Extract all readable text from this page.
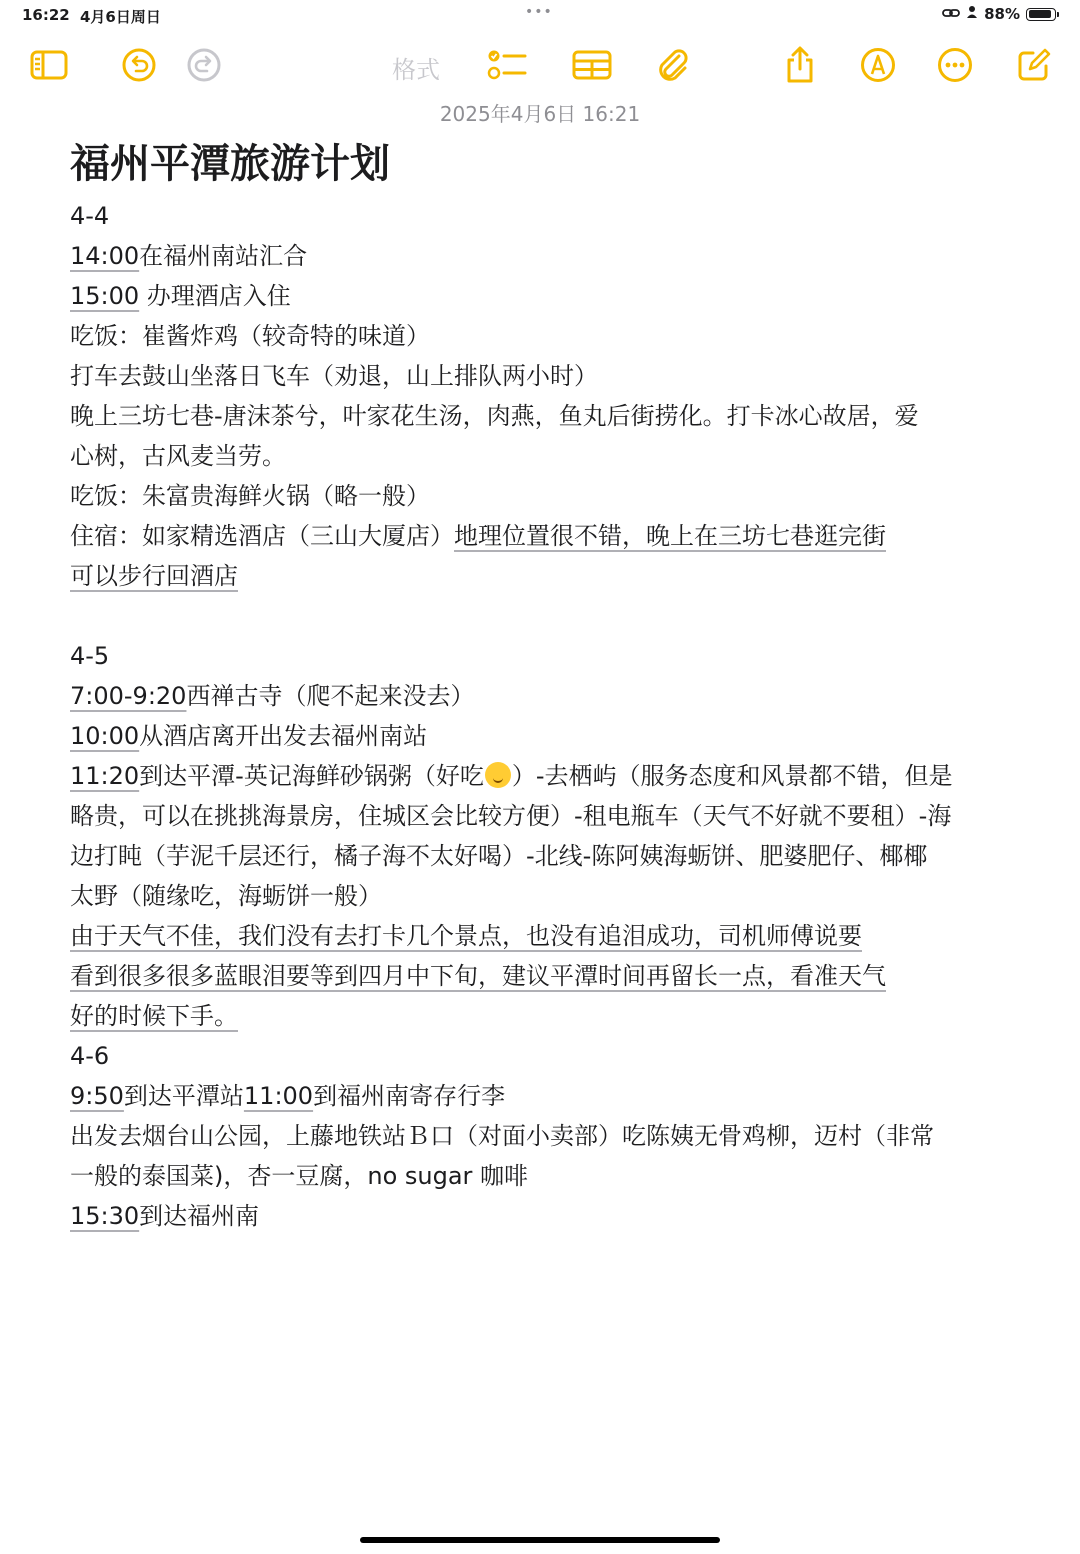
16:22 4月6日周日	•••	88%
格式
2025年4月6日 16:21
福州平潭旅游计划
4-4
14:00在福州南站汇合
15:00 办理酒店入住
吃饭：崔酱炸鸡（较奇特的味道）
打车去鼓山坐落日飞车（劝退，山上排队两小时）
晚上三坊七巷-唐沫茶兮，叶家花生汤，肉燕，鱼丸后街捞化。打卡冰心故居，爱
心树，古风麦当劳。
吃饭：朱富贵海鲜火锅（略一般）
住宿：如家精选酒店（三山大厦店）地理位置很不错，晚上在三坊七巷逛完街
可以步行回酒店
4-5
7:00-9:20西禅古寺（爬不起来没去）
10:00从酒店离开出发去福州南站
11:20到达平潭-英记海鲜砂锅粥（好吃 ）-去栖屿（服务态度和风景都不错，但是
略贵，可以在挑挑海景房，住城区会比较方便）-租电瓶车（天气不好就不要租）-海
边打盹（芋泥千层还行，橘子海不太好喝）-北线-陈阿姨海蛎饼、肥婆肥仔、椰椰
太野（随缘吃，海蛎饼一般）
由于天气不佳，我们没有去打卡几个景点，也没有追泪成功，司机师傅说要
看到很多很多蓝眼泪要等到四月中下旬，建议平潭时间再留长一点，看准天气
好的时候下手。
4-6
9:50到达平潭站11:00到福州南寄存行李
出发去烟台山公园，上藤地铁站Ｂ口（对面小卖部）吃陈姨无骨鸡柳，迈村（非常
一般的泰国菜)，杏一豆腐，no sugar 咖啡
15:30到达福州南
